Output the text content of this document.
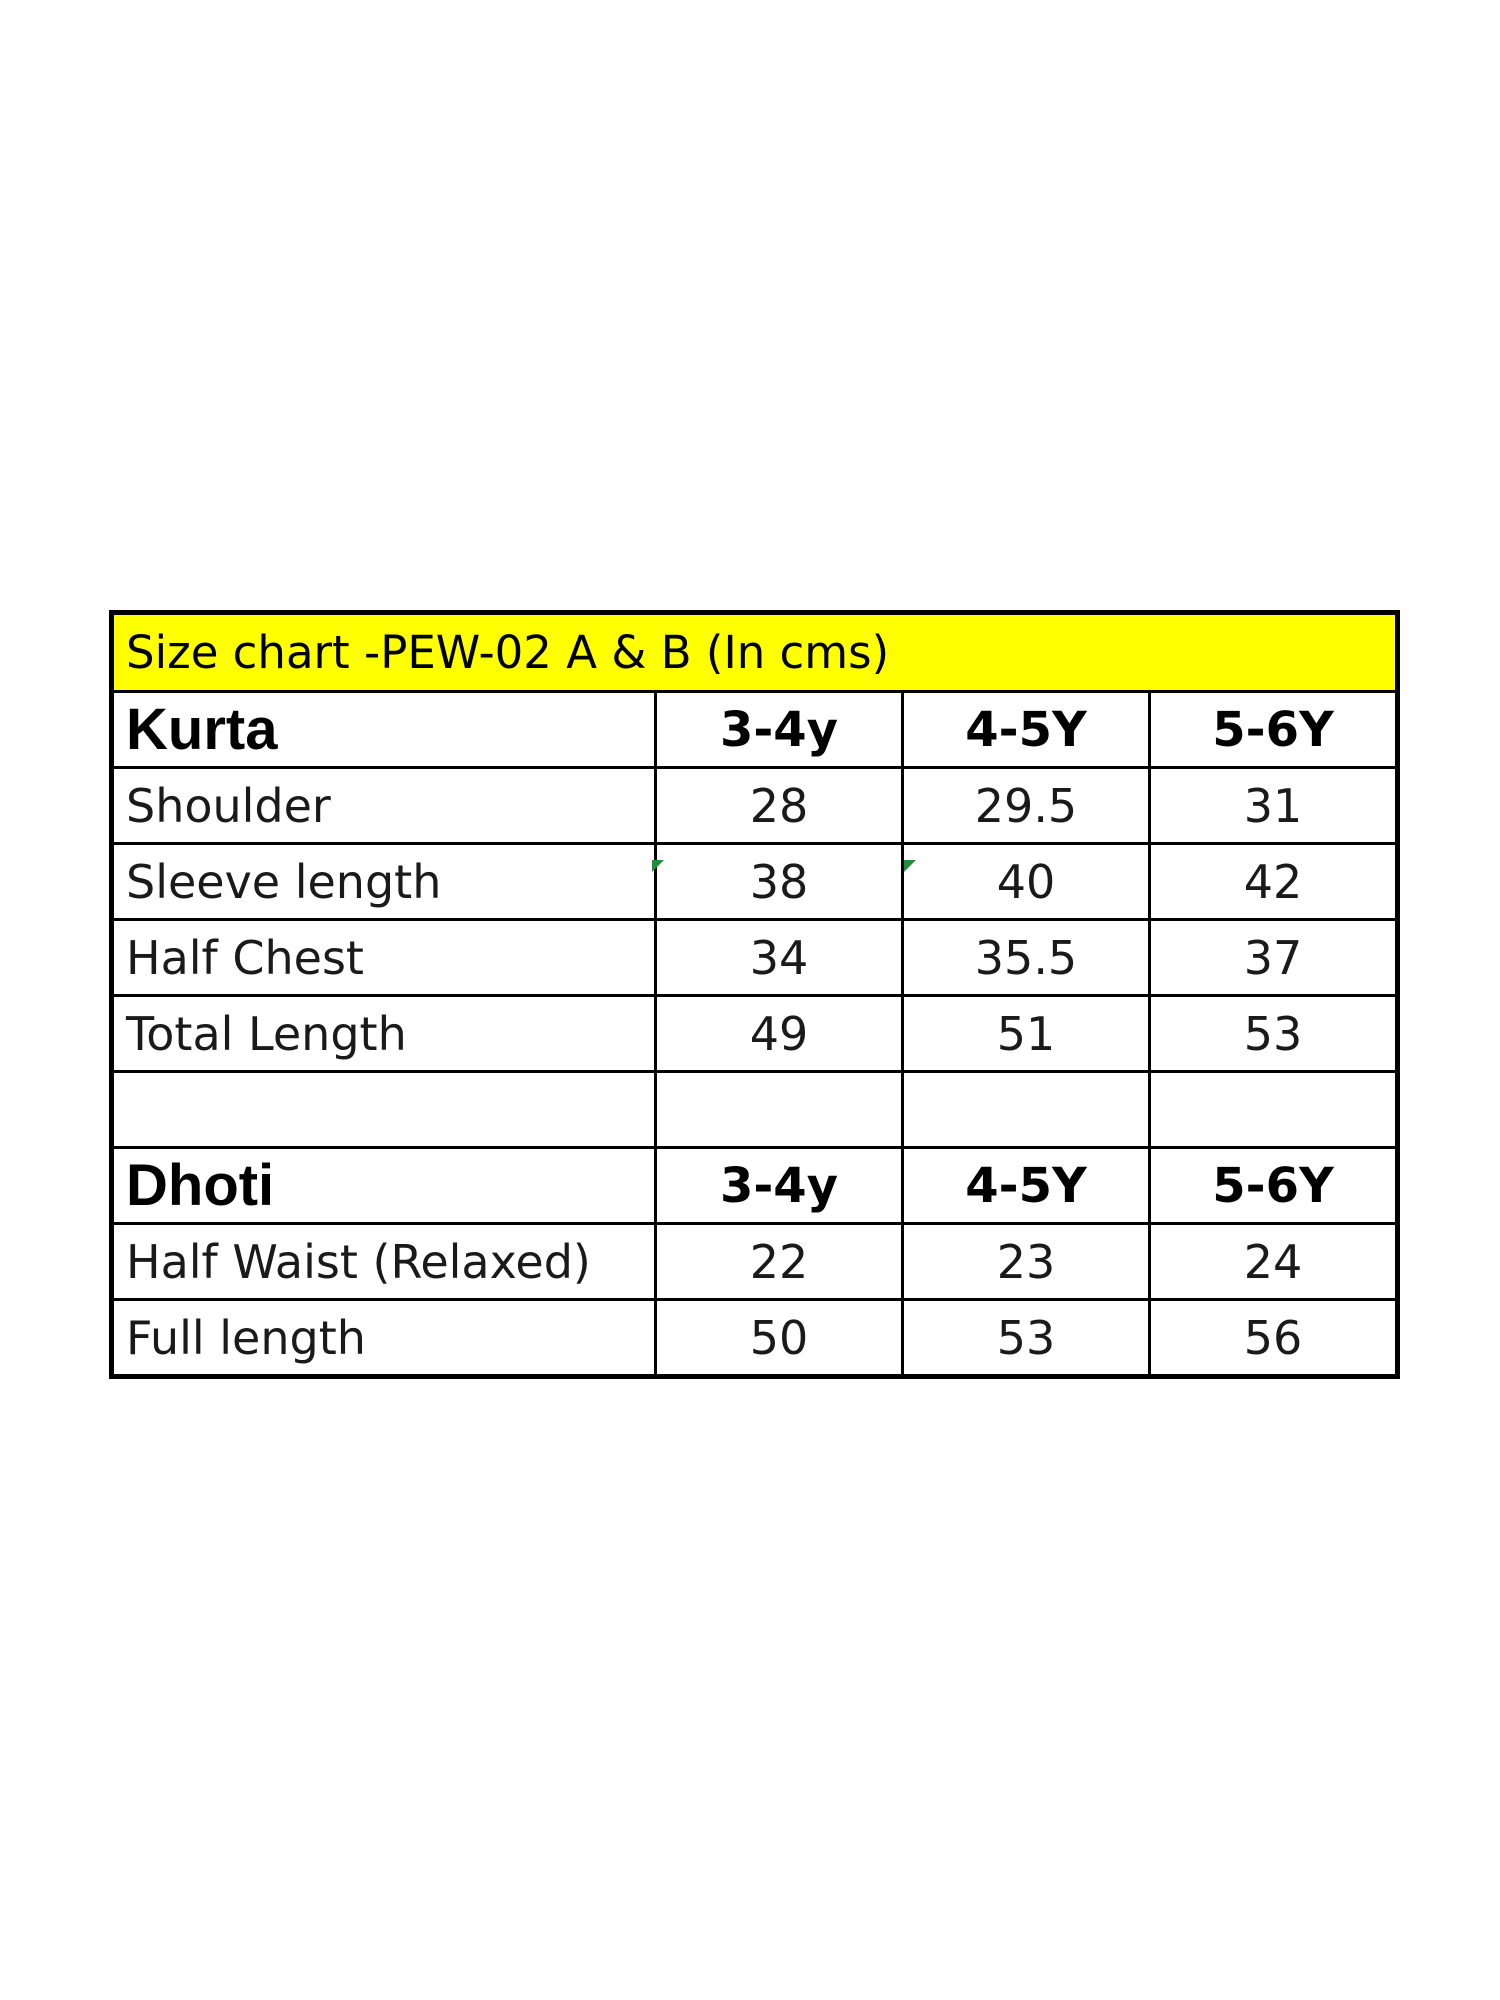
Size chart -PEW-02 A & B (In cms)			
Kurta	3-4y	4-5Y	5-6Y
Shoulder	28	29.5	31
Sleeve length	38	40	42
Half Chest	34	35.5	37
Total Length	49	51	53

Dhoti	3-4y	4-5Y	5-6Y
Half Waist (Relaxed)	22	23	24
Full length	50	53	56
